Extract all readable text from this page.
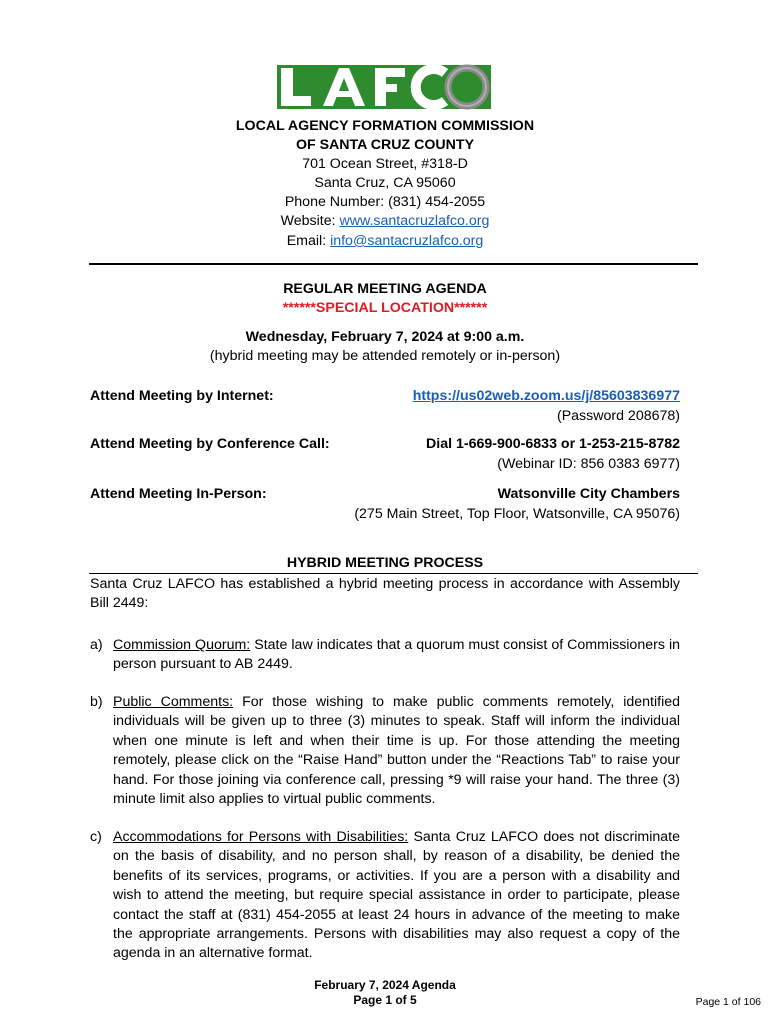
LOCAL AGENCY FORMATION COMMISSION
OF SANTA CRUZ COUNTY
701 Ocean Street, #318-D
Santa Cruz, CA 95060
Phone Number: (831) 454-2055
Website: www.santacruzlafco.org
Email: info@santacruzlafco.org
REGULAR MEETING AGENDA
******SPECIAL LOCATION******
Wednesday, February 7, 2024 at 9:00 a.m.
(hybrid meeting may be attended remotely or in-person)
Attend Meeting by Internet:	https://us02web.zoom.us/j/85603836977
(Password 208678)
Attend Meeting by Conference Call:	Dial 1-669-900-6833 or 1-253-215-8782
(Webinar ID: 856 0383 6977)
Attend Meeting In-Person:	Watsonville City Chambers
(275 Main Street, Top Floor, Watsonville, CA 95076)
HYBRID MEETING PROCESS
Santa Cruz LAFCO has established a hybrid meeting process in accordance with Assembly Bill 2449:
a) Commission Quorum: State law indicates that a quorum must consist of Commissioners in person pursuant to AB 2449.
b) Public Comments: For those wishing to make public comments remotely, identified individuals will be given up to three (3) minutes to speak. Staff will inform the individual when one minute is left and when their time is up. For those attending the meeting remotely, please click on the “Raise Hand” button under the “Reactions Tab” to raise your hand. For those joining via conference call, pressing *9 will raise your hand. The three (3) minute limit also applies to virtual public comments.
c) Accommodations for Persons with Disabilities: Santa Cruz LAFCO does not discriminate on the basis of disability, and no person shall, by reason of a disability, be denied the benefits of its services, programs, or activities. If you are a person with a disability and wish to attend the meeting, but require special assistance in order to participate, please contact the staff at (831) 454-2055 at least 24 hours in advance of the meeting to make the appropriate arrangements. Persons with disabilities may also request a copy of the agenda in an alternative format.
February 7, 2024 Agenda
Page 1 of 5	Page 1 of 106
